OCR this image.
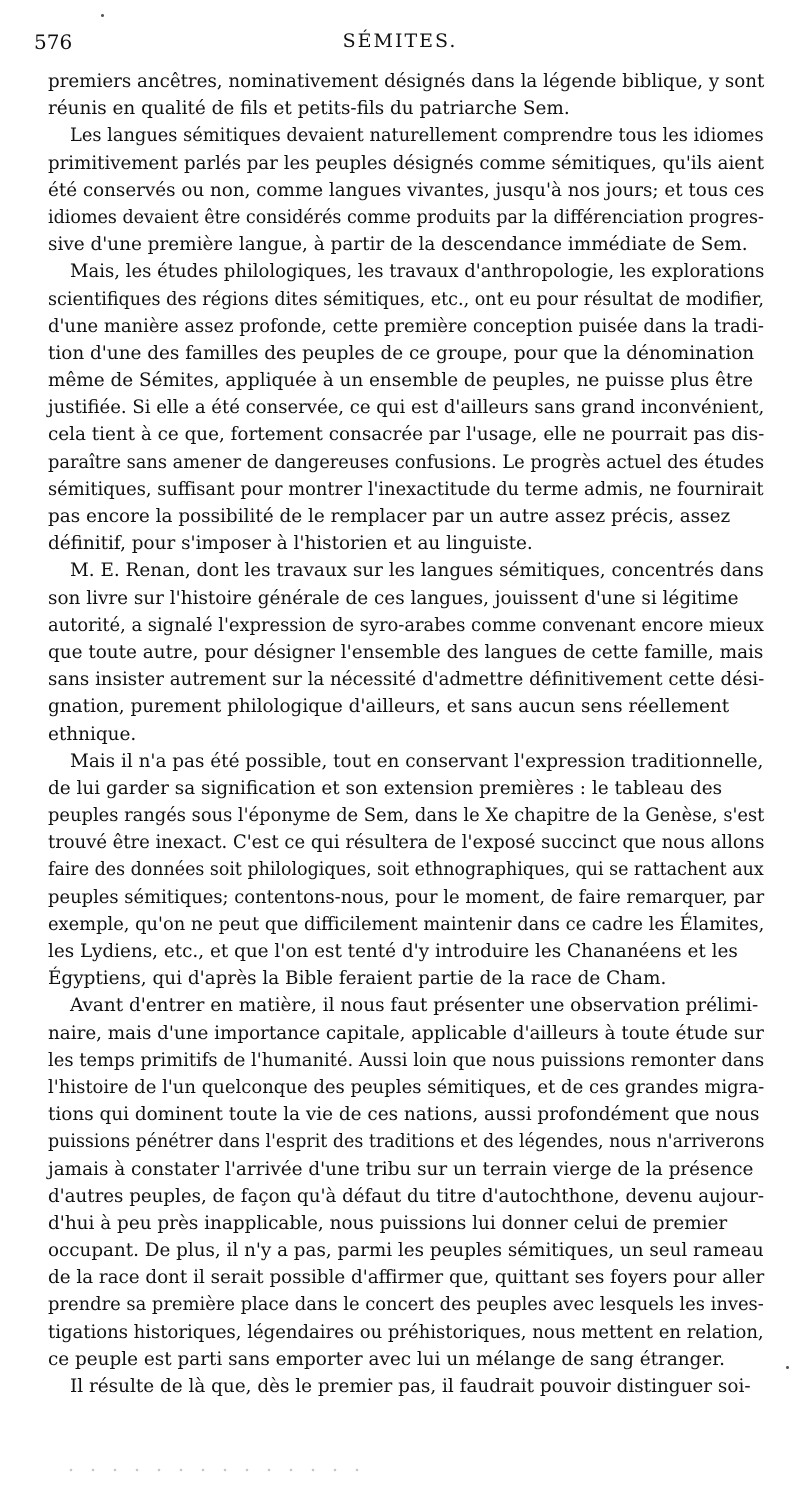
576	SÉMITES.
premiers ancêtres, nominativement désignés dans la légende biblique, y sont
réunis en qualité de fils et petits-fils du patriarche Sem.
Les langues sémitiques devaient naturellement comprendre tous les idiomes
primitivement parlés par les peuples désignés comme sémitiques, qu'ils aient
été conservés ou non, comme langues vivantes, jusqu'à nos jours; et tous ces
idiomes devaient être considérés comme produits par la différenciation progres-
sive d'une première langue, à partir de la descendance immédiate de Sem.
Mais, les études philologiques, les travaux d'anthropologie, les explorations
scientifiques des régions dites sémitiques, etc., ont eu pour résultat de modifier,
d'une manière assez profonde, cette première conception puisée dans la tradi-
tion d'une des familles des peuples de ce groupe, pour que la dénomination
même de Sémites, appliquée à un ensemble de peuples, ne puisse plus être
justifiée. Si elle a été conservée, ce qui est d'ailleurs sans grand inconvénient,
cela tient à ce que, fortement consacrée par l'usage, elle ne pourrait pas dis-
paraître sans amener de dangereuses confusions. Le progrès actuel des études
sémitiques, suffisant pour montrer l'inexactitude du terme admis, ne fournirait
pas encore la possibilité de le remplacer par un autre assez précis, assez
définitif, pour s'imposer à l'historien et au linguiste.
M. E. Renan, dont les travaux sur les langues sémitiques, concentrés dans
son livre sur l'histoire générale de ces langues, jouissent d'une si légitime
autorité, a signalé l'expression de syro-arabes comme convenant encore mieux
que toute autre, pour désigner l'ensemble des langues de cette famille, mais
sans insister autrement sur la nécessité d'admettre définitivement cette dési-
gnation, purement philologique d'ailleurs, et sans aucun sens réellement
ethnique.
Mais il n'a pas été possible, tout en conservant l'expression traditionnelle,
de lui garder sa signification et son extension premières : le tableau des
peuples rangés sous l'éponyme de Sem, dans le Xe chapitre de la Genèse, s'est
trouvé être inexact. C'est ce qui résultera de l'exposé succinct que nous allons
faire des données soit philologiques, soit ethnographiques, qui se rattachent aux
peuples sémitiques; contentons-nous, pour le moment, de faire remarquer, par
exemple, qu'on ne peut que difficilement maintenir dans ce cadre les Élamites,
les Lydiens, etc., et que l'on est tenté d'y introduire les Chananéens et les
Égyptiens, qui d'après la Bible feraient partie de la race de Cham.
Avant d'entrer en matière, il nous faut présenter une observation prélimi-
naire, mais d'une importance capitale, applicable d'ailleurs à toute étude sur
les temps primitifs de l'humanité. Aussi loin que nous puissions remonter dans
l'histoire de l'un quelconque des peuples sémitiques, et de ces grandes migra-
tions qui dominent toute la vie de ces nations, aussi profondément que nous
puissions pénétrer dans l'esprit des traditions et des légendes, nous n'arriverons
jamais à constater l'arrivée d'une tribu sur un terrain vierge de la présence
d'autres peuples, de façon qu'à défaut du titre d'autochthone, devenu aujour-
d'hui à peu près inapplicable, nous puissions lui donner celui de premier
occupant. De plus, il n'y a pas, parmi les peuples sémitiques, un seul rameau
de la race dont il serait possible d'affirmer que, quittant ses foyers pour aller
prendre sa première place dans le concert des peuples avec lesquels les inves-
tigations historiques, légendaires ou préhistoriques, nous mettent en relation,
ce peuple est parti sans emporter avec lui un mélange de sang étranger.
Il résulte de là que, dès le premier pas, il faudrait pouvoir distinguer soi-
